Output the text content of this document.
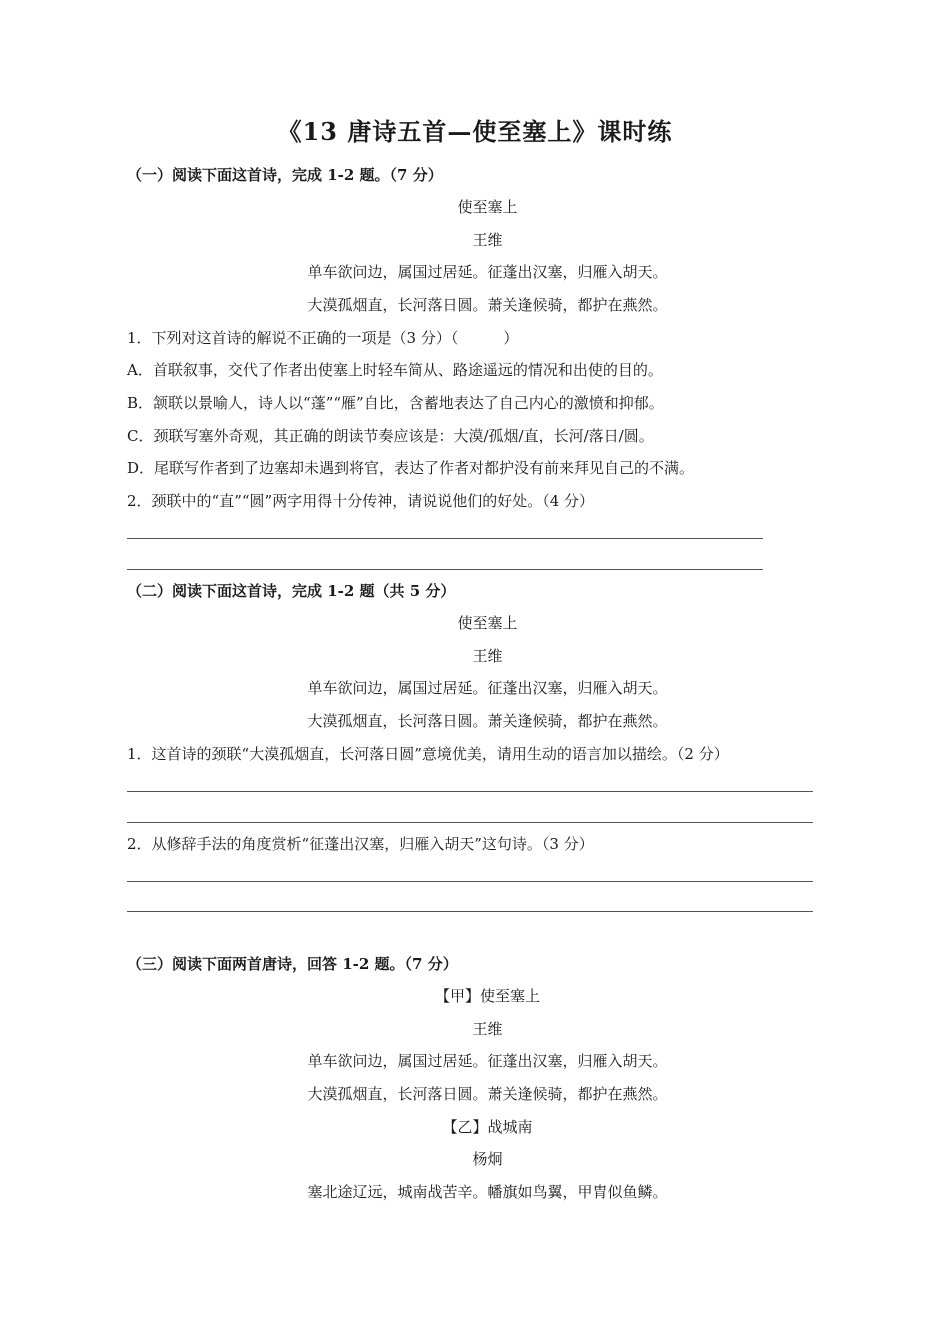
《13 唐诗五首—使至塞上》课时练
（一）阅读下面这首诗，完成 1-2 题。（7 分）
使至塞上
王维
单车欲问边，属国过居延。征蓬出汉塞，归雁入胡天。
大漠孤烟直，长河落日圆。萧关逢候骑，都护在燕然。
1．下列对这首诗的解说不正确的一项是（3 分）（　　　）
A．首联叙事，交代了作者出使塞上时轻车简从、路途遥远的情况和出使的目的。
B．颔联以景喻人，诗人以“蓬”“雁”自比，含蓄地表达了自己内心的激愤和抑郁。
C．颈联写塞外奇观，其正确的朗读节奏应该是：大漠/孤烟/直，长河/落日/圆。
D．尾联写作者到了边塞却未遇到将官，表达了作者对都护没有前来拜见自己的不满。
2．颈联中的“直”“圆”两字用得十分传神，请说说他们的好处。（4 分）
（二）阅读下面这首诗，完成 1-2 题（共 5 分）
使至塞上
王维
单车欲问边，属国过居延。征蓬出汉塞，归雁入胡天。
大漠孤烟直，长河落日圆。萧关逢候骑，都护在燕然。
1．这首诗的颈联“大漠孤烟直，长河落日圆”意境优美，请用生动的语言加以描绘。（2 分）
2．从修辞手法的角度赏析“征蓬出汉塞，归雁入胡天”这句诗。（3 分）
（三）阅读下面两首唐诗，回答 1-2 题。（7 分）
【甲】使至塞上
王维
单车欲问边，属国过居延。征蓬出汉塞，归雁入胡天。
大漠孤烟直，长河落日圆。萧关逢候骑，都护在燕然。
【乙】战城南
杨炯
塞北途辽远，城南战苦辛。幡旗如鸟翼，甲胄似鱼鳞。
